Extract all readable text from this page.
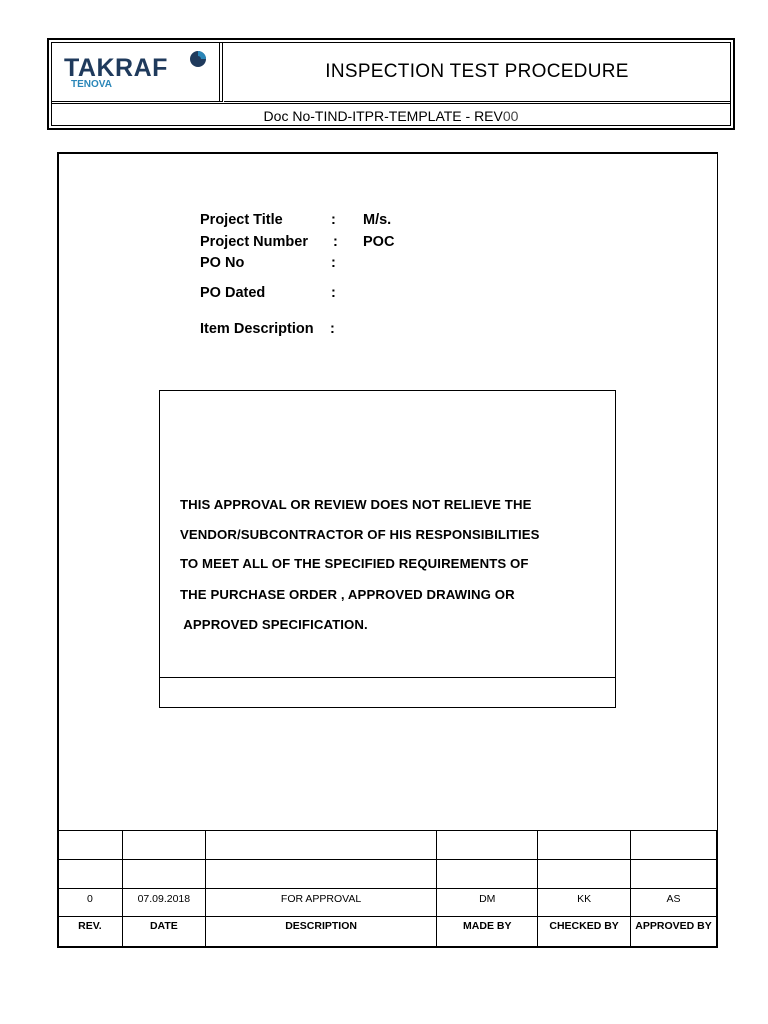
TAKRAF
TENOVA
INSPECTION TEST PROCEDURE
Doc No-TIND-ITPR-TEMPLATE - REV 00
Project Title	: M/s.
Project Number : POC
PO No	:
PO Dated	:
Item Description :
THIS APPROVAL OR REVIEW DOES NOT RELIEVE THE
VENDOR/SUBCONTRACTOR OF HIS RESPONSIBILITIES
TO MEET ALL OF THE SPECIFIED REQUIREMENTS OF
THE PURCHASE ORDER , APPROVED DRAWING OR
APPROVED SPECIFICATION.

0	07.09.2018	FOR APPROVAL	DM	KK	AS
REV.	DATE	DESCRIPTION	MADE BY	CHECKED BY	APPROVED BY
